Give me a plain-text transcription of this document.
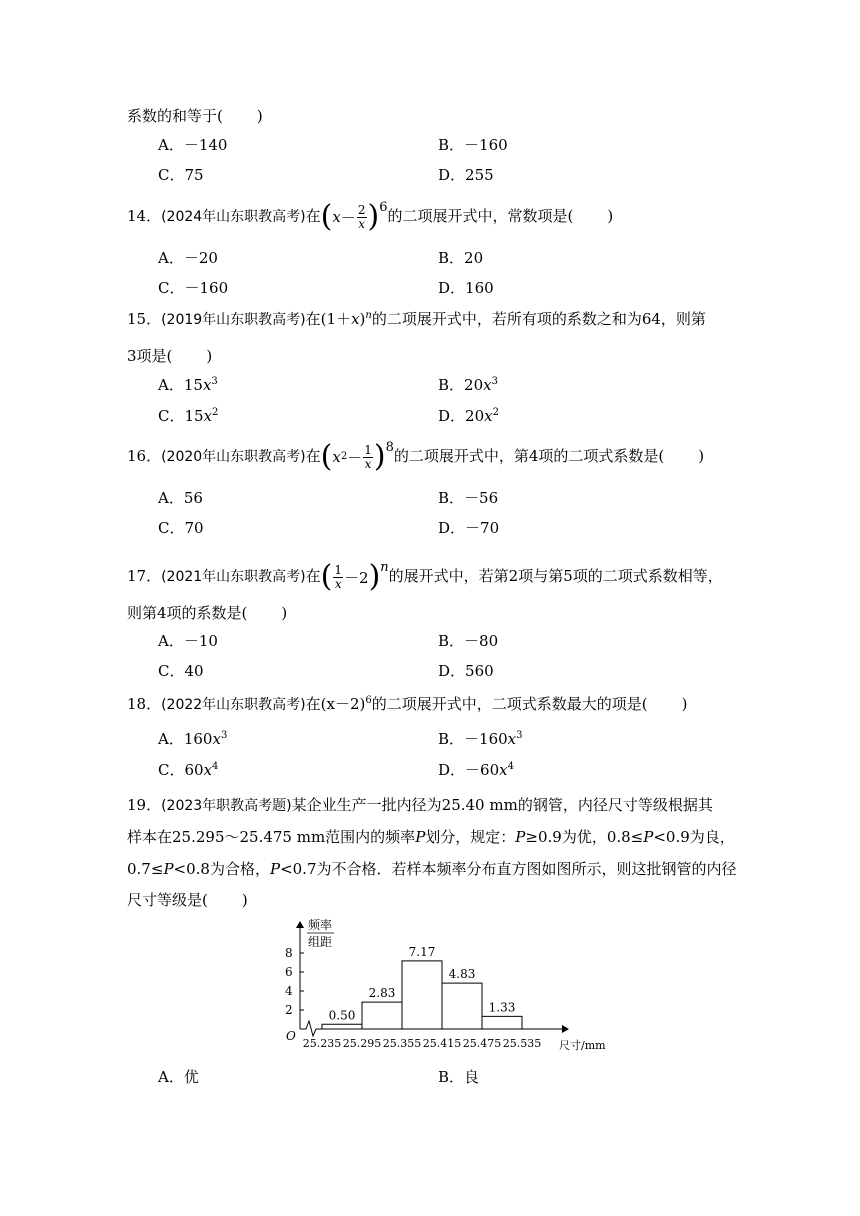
系数的和等于( )
A．－140	B．－160
C．75	D．255
14．(2024年山东职教高考)在 ( $x - \frac{2}{x}$ ) 6的二项展开式中，常数项是( )
A．－20	B．20
C．－160	D．160
15．(2019年山东职教高考)在$(1+x)^n$的二项展开式中，若所有项的系数之和为64，则第
3项是( )
A．$15x^3$	B．$20x^3$
C．$15x^2$	D．$20x^2$
16．(2020年山东职教高考)在 ( x $2 - \frac{1}{x}$ ) 8的二项展开式中，第4项的二项式系数是( )
A．56	B．－56
C．70	D．－70
17．(2021年山东职教高考)在 ( $\frac{1}{x} -2$ ) n的展开式中，若第2项与第5项的二项式系数相等，
则第4项的系数是( )
A．－10	B．－80
C．40	D．560
18．(2022年山东职教高考)在$(x-2)^6$的二项展开式中，二项式系数最大的项是( )
A．$160x^3$	B．$-160x^3$
C．$60x^4$	D．$-60x^4$
19．(2023年职教高考题)某企业生产一批内径为25.40 mm的钢管，内径尺寸等级根据其
样本在25.295～25.475 mm范围内的频率P划分，规定：P≥0.9为优，0.8≤P<0.9为良，
0.7≤P<0.8为合格，P<0.7为不合格．若样本频率分布直方图如图所示，则这批钢管的内径
尺寸等级是( )
频率
组距
O
尺寸/mm
2
4
6
8
0.50
2.83
7.17
4.83
1.33
25.235 25.295 25.355 25.415 25.475 25.535
A．优	B．良
